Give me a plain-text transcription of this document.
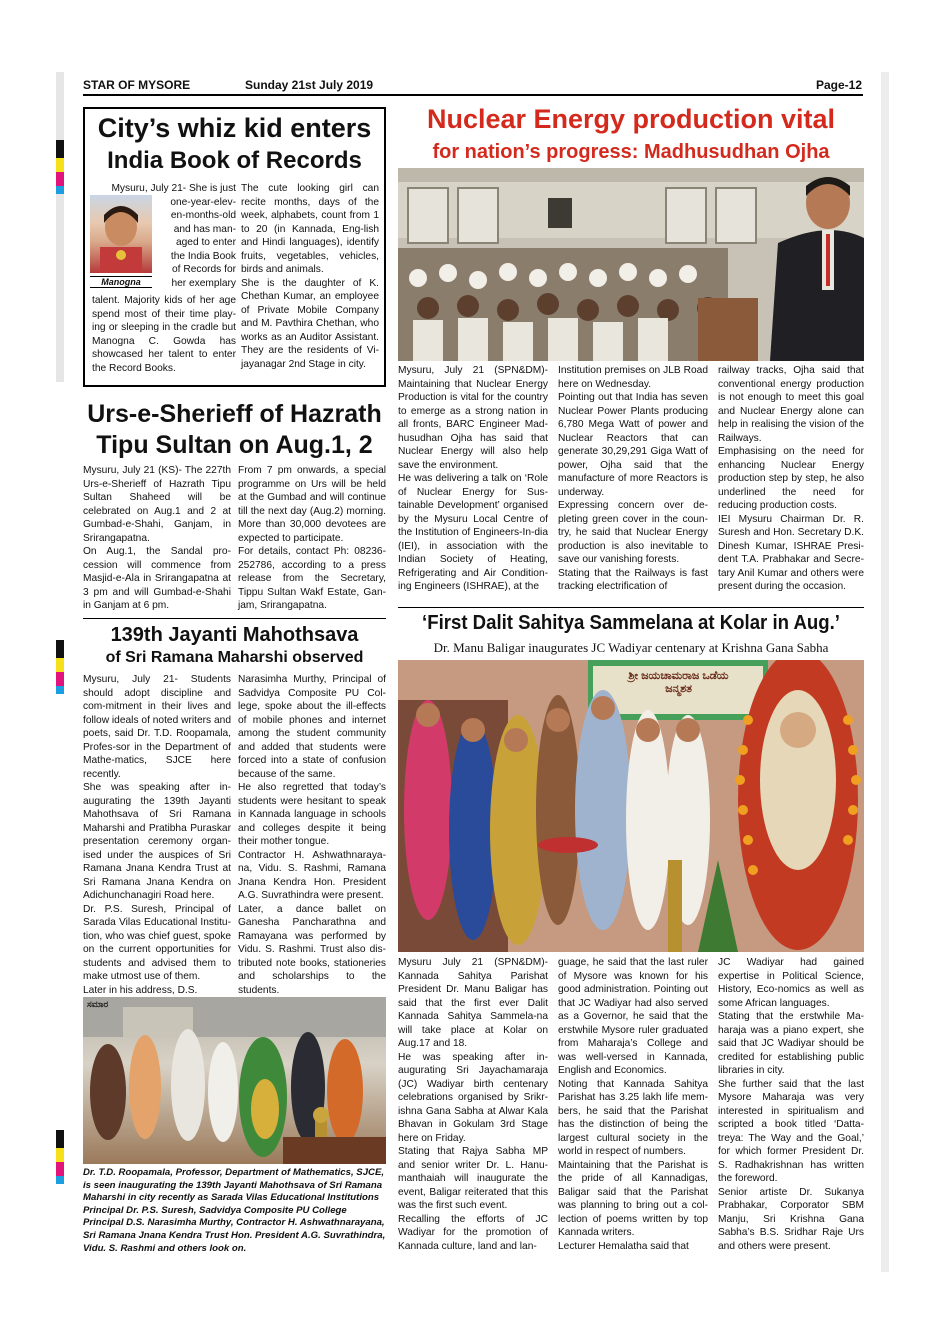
STAR OF MYSORE	Sunday 21st July 2019	Page-12
City’s whiz kid enters
India Book of Records
Manogna
Mysuru, July 21- She is just
one-year-elev-
en-months-old
and has man-
aged to enter
the India Book
of Records for
her exemplary
talent. Majority kids of her age spend most of their time play-ing or sleeping in the cradle but Manogna C. Gowda has showcased her talent to enter the Record Books.
The cute looking girl can recite months, days of the week, alphabets, count from 1 to 20 (in Kannada, Eng-lish and Hindi languages), identify fruits, vegetables, vehicles, birds and animals.
She is the daughter of K. Chethan Kumar, an employee of Private Mobile Company and M. Pavthira Chethan, who works as an Auditor Assistant. They are the residents of Vi-jayanagar 2nd Stage in city.
Urs-e-Sherieff of Hazrath
Tipu Sultan on Aug.1, 2
Mysuru, July 21 (KS)- The 227th Urs-e-Sherieff of Hazrath Tipu Sultan Shaheed will be celebrated on Aug.1 and 2 at Gumbad-e-Shahi, Ganjam, in Srirangapatna.
On Aug.1, the Sandal pro-cession will commence from Masjid-e-Ala in Srirangapatna at 3 pm and will Gumbad-e-Shahi in Ganjam at 6 pm.
From 7 pm onwards, a special programme on Urs will be held at the Gumbad and will continue till the next day (Aug.2) morning. More than 30,000 devotees are expected to participate.
For details, contact Ph: 08236-252786, according to a press release from the Secretary, Tippu Sultan Wakf Estate, Gan-jam, Srirangapatna.
139th Jayanti Mahothsava
of Sri Ramana Maharshi observed
Mysuru, July 21- Students should adopt discipline and com-mitment in their lives and follow ideals of noted writers and poets, said Dr. T.D. Roopamala, Profes-sor in the Department of Mathe-matics, SJCE here recently.
She was speaking after in-augurating the 139th Jayanti Mahothsava of Sri Ramana Maharshi and Pratibha Puraskar presentation ceremony organ-ised under the auspices of Sri Ramana Jnana Kendra Trust at Sri Ramana Jnana Kendra on Adichunchanagiri Road here.
Dr. P.S. Suresh, Principal of Sarada Vilas Educational Institu-tion, who was chief guest, spoke on the current opportunities for students and advised them to make utmost use of them.
Later in his address, D.S.
Narasimha Murthy, Principal of Sadvidya Composite PU Col-lege, spoke about the ill-effects of mobile phones and internet among the student community and added that students were forced into a state of confusion because of the same.
He also regretted that today’s students were hesitant to speak in Kannada language in schools and colleges despite it being their mother tongue.
Contractor H. Ashwathnaraya-na, Vidu. S. Rashmi, Ramana Jnana Kendra Hon. President A.G. Suvrathindra were present.
Later, a dance ballet on Ganesha Pancharathna and Ramayana was performed by Vidu. S. Rashmi. Trust also dis-tributed note books, stationeries and scholarships to the students.
ಸಮಾರ
Dr. T.D. Roopamala, Professor, Department of Mathematics, SJCE, is seen inaugurating the 139th Jayanti Mahothsava of Sri Ramana Maharshi in city recently as Sarada Vilas Educational Institutions Principal Dr. P.S. Suresh, Sadvidya Composite PU College Principal D.S. Narasimha Murthy, Contractor H. Ashwathnarayana, Sri Ramana Jnana Kendra Trust Hon. President A.G. Suvrathindra, Vidu. S. Rashmi and others look on.
Nuclear Energy production vital
for nation’s progress: Madhusudhan Ojha
Mysuru, July 21 (SPN&DM)- Maintaining that Nuclear Energy Production is vital for the country to emerge as a strong nation in all fronts, BARC Engineer Mad-husudhan Ojha has said that Nuclear Energy will also help save the environment.
He was delivering a talk on ‘Role of Nuclear Energy for Sus-tainable Development’ organised by the Mysuru Local Centre of the Institution of Engineers-In-dia (IEI), in association with the Indian Society of Heating, Refrigerating and Air Condition-ing Engineers (ISHRAE), at the
Institution premises on JLB Road here on Wednesday.
Pointing out that India has seven Nuclear Power Plants producing 6,780 Mega Watt of power and Nuclear Reactors that can generate 30,29,291 Giga Watt of power, Ojha said that the manufacture of more Reactors is underway.
Expressing concern over de-pleting green cover in the coun-try, he said that Nuclear Energy production is also inevitable to save our vanishing forests.
Stating that the Railways is fast tracking electrification of
railway tracks, Ojha said that conventional energy production is not enough to meet this goal and Nuclear Energy alone can help in realising the vision of the Railways.
Emphasising on the need for enhancing Nuclear Energy production step by step, he also underlined the need for reducing production costs.
IEI Mysuru Chairman Dr. R. Suresh and Hon. Secretary D.K. Dinesh Kumar, ISHRAE Presi-dent T.A. Prabhakar and Secre-tary Anil Kumar and others were present during the occasion.
‘First Dalit Sahitya Sammelana at Kolar in Aug.’
Dr. Manu Baligar inaugurates JC Wadiyar centenary at Krishna Gana Sabha
ಶ್ರೀ ಜಯಚಾಮರಾಜ ಒಡೆಯ
ಜನ್ಮಶತ
Mysuru July 21 (SPN&DM)- Kannada Sahitya Parishat President Dr. Manu Baligar has said that the first ever Dalit Kannada Sahitya Sammela-na will take place at Kolar on Aug.17 and 18.
He was speaking after in-augurating Sri Jayachamaraja (JC) Wadiyar birth centenary celebrations organised by Srikr-ishna Gana Sabha at Alwar Kala Bhavan in Gokulam 3rd Stage here on Friday.
Stating that Rajya Sabha MP and senior writer Dr. L. Hanu-manthaiah will inaugurate the event, Baligar reiterated that this was the first such event.
Recalling the efforts of JC Wadiyar for the promotion of Kannada culture, land and lan-
guage, he said that the last ruler of Mysore was known for his good administration. Pointing out that JC Wadiyar had also served as a Governor, he said that the erstwhile Mysore ruler graduated from Maharaja’s College and was well-versed in Kannada, English and Economics.
Noting that Kannada Sahitya Parishat has 3.25 lakh life mem-bers, he said that the Parishat has the distinction of being the largest cultural society in the world in respect of numbers.
Maintaining that the Parishat is the pride of all Kannadigas, Baligar said that the Parishat was planning to bring out a col-lection of poems written by top Kannada writers.
Lecturer Hemalatha said that
JC Wadiyar had gained expertise in Political Science, History, Eco-nomics as well as some African languages.
Stating that the erstwhile Ma-haraja was a piano expert, she said that JC Wadiyar should be credited for establishing public libraries in city.
She further said that the last Mysore Maharaja was very interested in spiritualism and scripted a book titled ‘Datta-treya: The Way and the Goal,’ for which former President Dr. S. Radhakrishnan has written the foreword.
Senior artiste Dr. Sukanya Prabhakar, Corporator SBM Manju, Sri Krishna Gana Sabha’s B.S. Sridhar Raje Urs and others were present.
